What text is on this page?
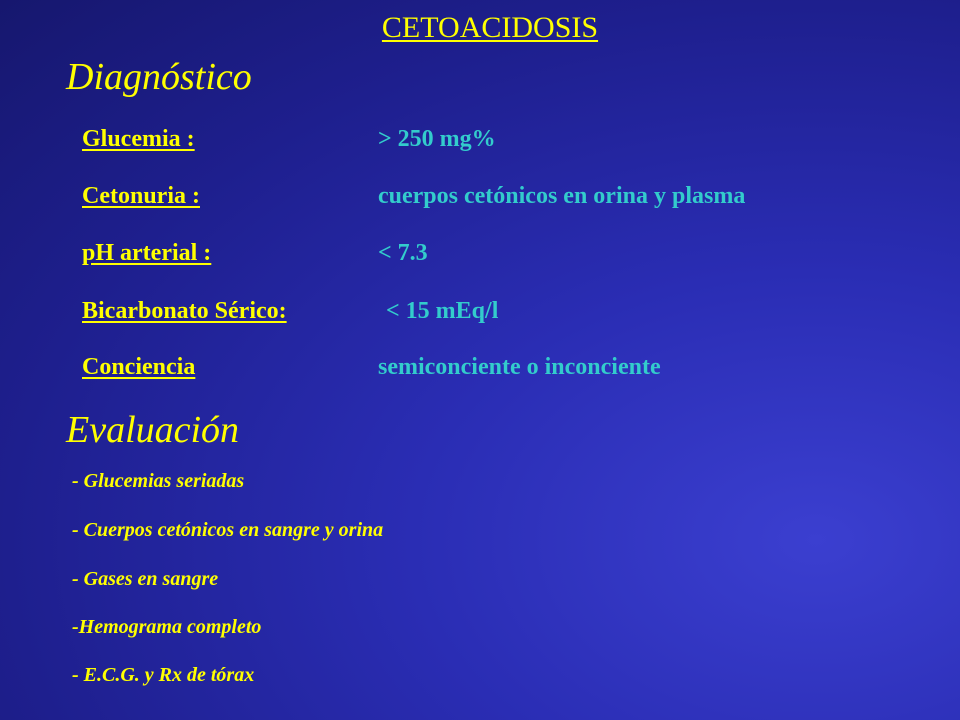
CETOACIDOSIS
Diagnóstico
Glucemia :	> 250 mg%
Cetonuria :	cuerpos cetónicos en orina y plasma
pH arterial :	< 7.3
Bicarbonato Sérico:	< 15 mEq/l
Conciencia	semiconciente o inconciente
Evaluación
- Glucemias seriadas
- Cuerpos cetónicos en sangre y orina
- Gases en sangre
-Hemograma completo
- E.C.G. y Rx de tórax
